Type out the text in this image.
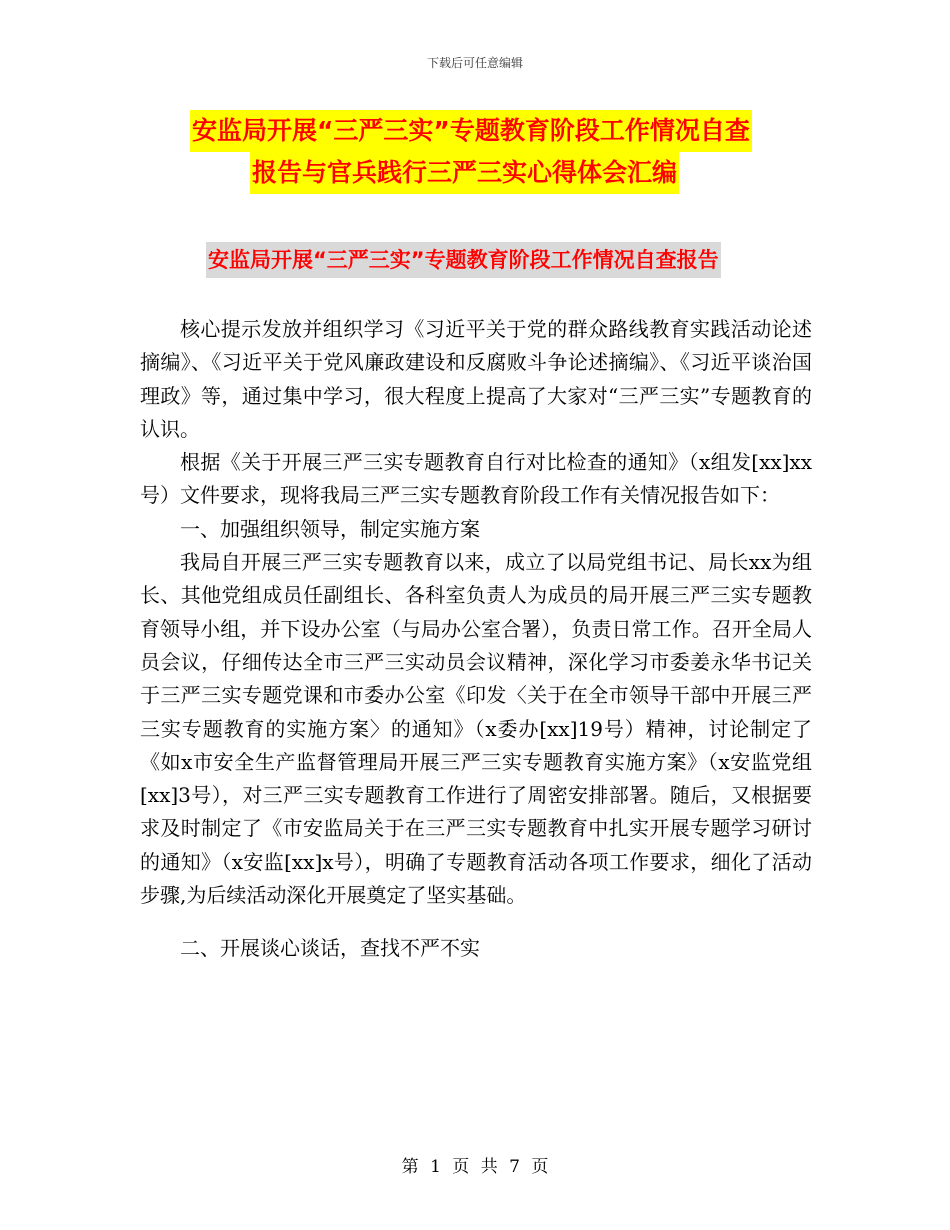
下载后可任意编辑
安监局开展“三严三实”专题教育阶段工作情况自查
报告与官兵践行三严三实心得体会汇编
安监局开展“三严三实”专题教育阶段工作情况自查报告

核心提示发放并组织学习《习近平关于党的群众路线教育实践活动论述摘编》、《习近平关于党风廉政建设和反腐败斗争论述摘编》、《习近平谈治国理政》等，通过集中学习，很大程度上提高了大家对“三严三实”专题教育的认识。

根据《关于开展三严三实专题教育自行对比检查的通知》（x组发[xx]xx号）文件要求，现将我局三严三实专题教育阶段工作有关情况报告如下：

一、加强组织领导，制定实施方案

我局自开展三严三实专题教育以来，成立了以局党组书记、局长xx为组长、其他党组成员任副组长、各科室负责人为成员的局开展三严三实专题教育领导小组，并下设办公室（与局办公室合署），负责日常工作。召开全局人员会议，仔细传达全市三严三实动员会议精神，深化学习市委姜永华书记关于三严三实专题党课和市委办公室《印发〈关于在全市领导干部中开展三严三实专题教育的实施方案〉的通知》（x委办[xx]19号）精神，讨论制定了《如x市安全生产监督管理局开展三严三实专题教育实施方案》（x安监党组[xx]3号），对三严三实专题教育工作进行了周密安排部署。随后，又根据要求及时制定了《市安监局关于在三严三实专题教育中扎实开展专题学习研讨的通知》（x安监[xx]x号），明确了专题教育活动各项工作要求，细化了活动步骤,为后续活动深化开展奠定了坚实基础。

二、开展谈心谈话，查找不严不实

第 1 页 共 7 页
